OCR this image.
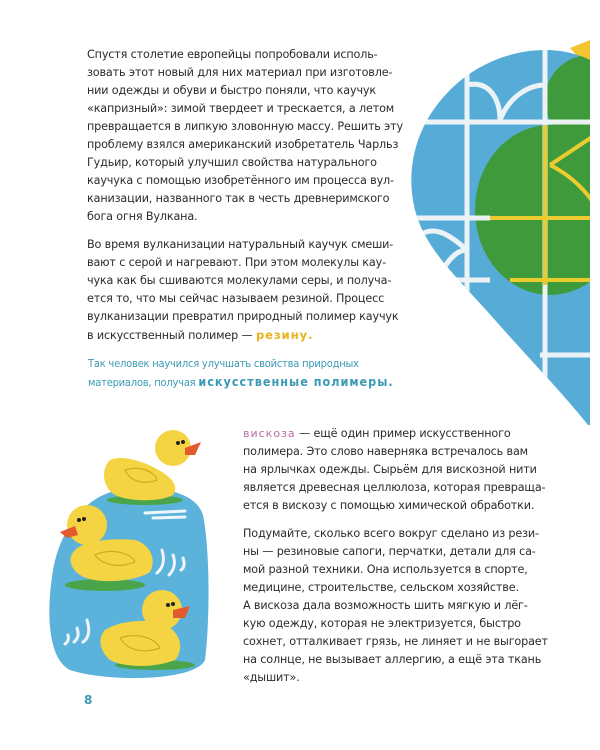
Спустя столетие европейцы попробовали исполь-
зовать этот новый для них материал при изготовле-
нии одежды и обуви и быстро поняли, что каучук
«капризный»: зимой твердеет и трескается, а летом
превращается в липкую зловонную массу. Решить эту
проблему взялся американский изобретатель Чарльз
Гудьир, который улучшил свойства натурального
каучука с помощью изобретённого им процесса вул-
канизации, названного так в честь древнеримского
бога огня Вулкана.

Во время вулканизации натуральный каучук смеши-
вают с серой и нагревают. При этом молекулы кау-
чука как бы сшиваются молекулами серы, и получа-
ется то, что мы сейчас называем резиной. Процесс
вулканизации превратил природный полимер каучук
в искусственный полимер — резину.

Так человек научился улучшать свойства природных
материалов, получая искусственные полимеры.

вискоза — ещё один пример искусственного
полимера. Это слово наверняка встречалось вам
на ярлычках одежды. Сырьём для вискозной нити
является древесная целлюлоза, которая превраща-
ется в вискозу с помощью химической обработки.

Подумайте, сколько всего вокруг сделано из рези-
ны — резиновые сапоги, перчатки, детали для са-
мой разной техники. Она используется в спорте,
медицине, строительстве, сельском хозяйстве.
А вискоза дала возможность шить мягкую и лёг-
кую одежду, которая не электризуется, быстро
сохнет, отталкивает грязь, не линяет и не выгорает
на солнце, не вызывает аллергию, а ещё эта ткань
«дышит».

8
